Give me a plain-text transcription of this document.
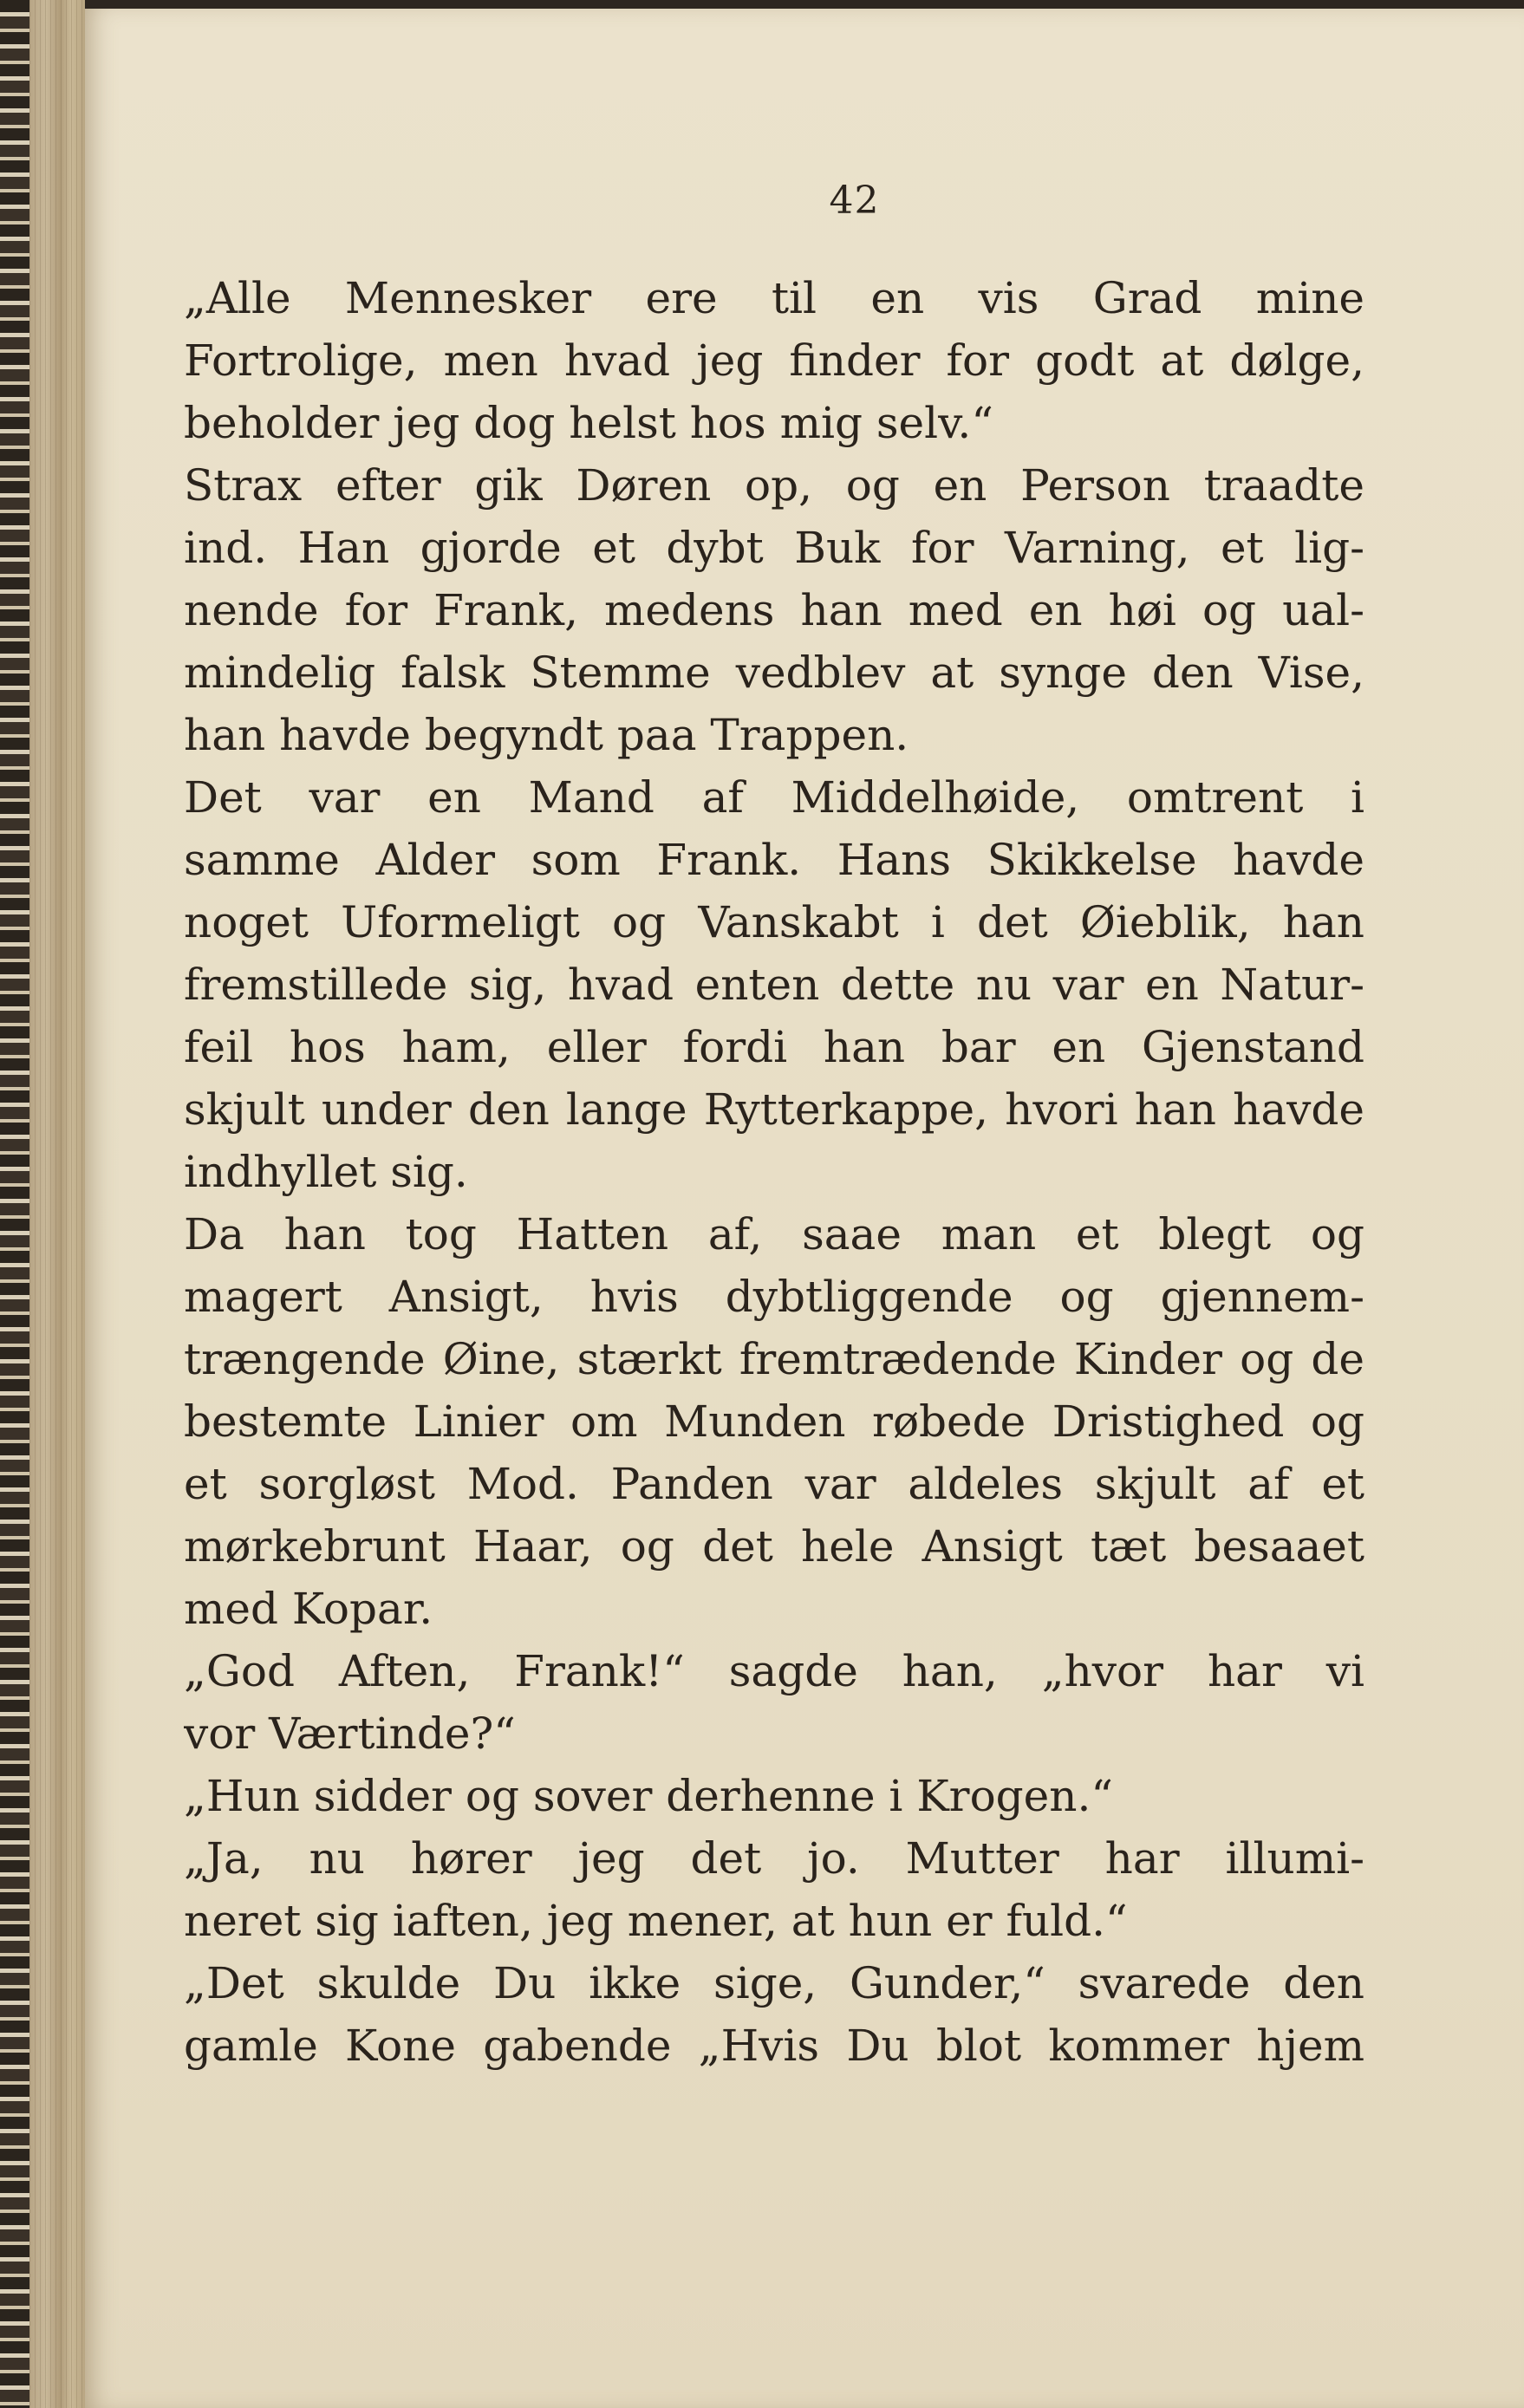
42
„Alle Mennesker ere til en vis Grad mine
Fortrolige, men hvad jeg finder for godt at dølge,
beholder jeg dog helst hos mig selv.“
Strax efter gik Døren op, og en Person traadte
ind. Han gjorde et dybt Buk for Varning, et lig-
nende for Frank, medens han med en høi og ual-
mindelig falsk Stemme vedblev at synge den Vise,
han havde begyndt paa Trappen.
Det var en Mand af Middelhøide, omtrent i
samme Alder som Frank. Hans Skikkelse havde
noget Uformeligt og Vanskabt i det Øieblik, han
fremstillede sig, hvad enten dette nu var en Natur-
feil hos ham, eller fordi han bar en Gjenstand
skjult under den lange Rytterkappe, hvori han havde
indhyllet sig.
Da han tog Hatten af, saae man et blegt og
magert Ansigt, hvis dybtliggende og gjennem-
trængende Øine, stærkt fremtrædende Kinder og de
bestemte Linier om Munden røbede Dristighed og
et sorgløst Mod. Panden var aldeles skjult af et
mørkebrunt Haar, og det hele Ansigt tæt besaaet
med Kopar.
„God Aften, Frank!“ sagde han, „hvor har vi
vor Værtinde?“
„Hun sidder og sover derhenne i Krogen.“
„Ja, nu hører jeg det jo. Mutter har illumi-
neret sig iaften, jeg mener, at hun er fuld.“
„Det skulde Du ikke sige, Gunder,“ svarede den
gamle Kone gabende „Hvis Du blot kommer hjem
